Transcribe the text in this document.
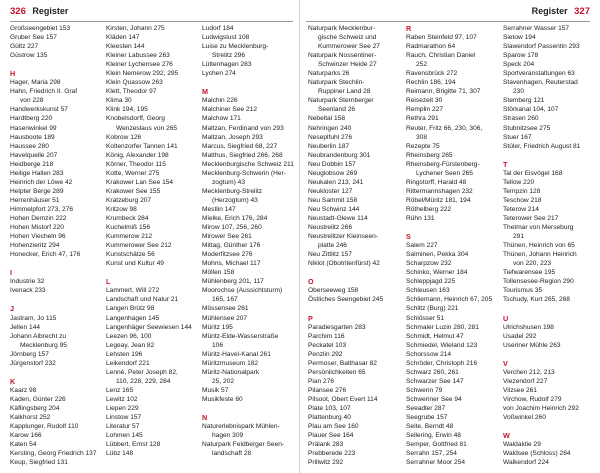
326 Register
Großseengebiet 153
Gruber See 157
Gültz 227
Güstrow 135
H
Hager, Maria 298
Hahn, Friedrich II. Graf
von 228
Handwerkskunst 57
Hardtberg 220
Hasenwinkel 99
Hausboote 189
Haussee 280
Havelquelle 207
Heidberge 218
Heilige Hallen 283
Heinrich der Löwe 42
Helpter Berge 289
Herrenhäuser 51
Himmelpfort 273, 276
Hohen Demzin 222
Hohen Mistorf 220
Hohen Viecheln 96
Hohenzieritz 294
Honecker, Erich 47, 176
I
Industrie 32
Ivenack 233
J
Jastram, Jo 115
Jellen 144
Johann Albrecht zu
Mecklenburg 95
Jörnberg 157
Jürgenstorf 232
K
Kaarz 98
Kaden, Günter 226
Käflingsberg 204
Kalkhorst 252
Kapplunger, Rudolf 110
Karow 166
Katen 54
Kersting, Georg Friedrich 137
Keup, Siegfried 131
Kirsten, Johann 275
Kläden 147
Kleesten 144
Kleiner Labussee 263
Kleiner Lychensee 276
Klein Nemerow 292, 295
Klein Quassow 263
Klett, Theodor 97
Klima 30
Klink 194, 195
Knobelsdorff, Georg
Wenzeslaus von 265
Kobrow 126
Koltenzorfer Tannen 141
König, Alexander 198
Körner, Theodor 115
Kotte, Werner 275
Krakower Lan See 154
Krakower See 155
Kratzeburg 207
Kritzow 98
Krumbeck 284
Kuchelmiß 156
Kummerow 212
Kummerower See 212
Kunstschätze 56
Kunst und Kultur 49
L
Lammert, Will 272
Landschaft und Natur 21
Langen Brütz 98
Langenhagen 145
Langenhäger Seewiesen 144
Leezen 96, 100
Legeay, Jean 82
Lehsten 196
Leikendorf 221
Lenné, Peter Joseph 82,
110, 228, 229, 284
Lenz 165
Lewitz 102
Liepen 229
Linstow 157
Literatur 57
Lohmen 145
Lübbert, Ernst 128
Lübz 148
Ludorf 184
Ludwigslust 108
Luise zu Mecklenburg-
Strelitz 296
Lüttenhagen 283
Lychen 274
M
Malchin 226
Malchiner See 212
Malchow 171
Maltzan, Ferdinand von 293
Maltzan, Joseph 293
Marcus, Siegfried 68, 227
Matthus, Siegfried 266, 268
Mecklenburgische Schweiz 211
Mecklenburg-Schwerin (Her-
zogtum) 43
Mecklenburg-Strelitz
(Herzogtum) 43
Mestlin 147
Mielke, Erich 176, 284
Mirow 107, 256, 260
Mirower See 261
Mittag, Günther 176
Moderfitzsee 276
Mohns, Michael 117
Möllen 158
Mühlenberg 201, 117
Moorochse (Aussichtsturm)
165, 167
Mössensee 261
Mühlensee 207
Müritz 195
Müritz-Elde-Wasserstraße
106
Müritz-Havel-Kanal 261
Müritzmuseum 182
Müritz-Nationalpark
25, 202
Musik 57
Musikfeste 60
N
Naturerlebnispark Mühlen-
hagen 309
Naturpark Feldberger Seen-
landschaft 28
Register 327
Naturpark Mecklenbur-
gische Schweiz und
Kummerower See 27
Naturpark Nossentiner-
Schwinzer Heide 27
Naturparks 26
Naturpark Stechlin-
Ruppiner Land 28
Naturpark Sternberger
Seenland 26
Nebeltal 158
Nehringen 240
Neseplfuhl 276
Neuberlin 187
Neubrandenburg 301
Neu Dobbin 157
Neuglobsow 269
Neukalen 213, 241
Neukloster 127
Neu Sammit 158
Neu Schwinz 144
Neustadt-Glewe 114
Neustrelitz 266
Neustrelitzer Kleinseen-
platte 246
Neu Zittlitz 157
Niklot (Obotritenfürst) 42
O
Oberseeweg 158
Östliches Seengebiet 245
P
Paradiesgarten 283
Parchim 116
Peckatel 103
Penzlin 292
Permoser, Balthasar 82
Persönlichkeiten 65
Pian 276
Pilansee 276
Pilsoot, Obert Evert 114
Plate 103, 107
Plattenburg 40
Plau am See 160
Plauer See 164
Prälank 283
Prebberede 223
Prillwitz 292
R
Raben Steinfeld 97, 107
Radmarathon 64
Rauch, Christian Daniel
252
Ravensbrück 272
Rechlin 186, 194
Reimann, Brigitte 71, 307
Reisezeit 30
Remplin 227
Rethra 291
Reuter, Fritz 66, 230, 306,
308
Rezepte 75
Rheinsberg 265
Rheinsberg-Fürstenberg-
Lychener Seen 265
Ringstorff, Harald 48
Rittermannshagen 232
Röbel/Müritz 181, 194
Röthelberg 222
Rühn 131
S
Salem 227
Salminen, Pekka 304
Scharpzow 232
Schinko, Werner 184
Schleppjagd 225
Schleusen 163
Schliemann, Heinrich 67, 205
Schlitz (Burg) 221
Schlösser 51
Schmaler Luzin 280, 281
Schmidt, Helmut 47
Schmiedel, Wieland 123
Schorssow 214
Schröder, Christoph 216
Schwarz 260, 261
Schwarzer See 147
Schwerin 79
Schweriner See 94
Seeadler 287
Seegrube 157
Seite, Berndt 48
Sellering, Erwin 48
Semper, Gottfried 81
Serrahn 157, 254
Serrahner Moor 254
Serrahner Wasser 157
Sietow 194
Slawendorf Passentin 293
Sparow 178
Speck 204
Sportveranstaltungen 63
Stavenhagen, Reuterstad
230
Stemberg 121
Störkanal 104, 107
Strasen 260
Stubnitzsee 275
Stuer 167
Stüler, Friedrich August 81
T
Tal der Eisvögel 168
Tellow 220
Tempzin 128
Teschow 218
Teterow 214
Teterower See 217
Thetmar von Merseburg
291
Thünen, Heinrich von 65
Thünen, Johann Heinrich
von 220, 223
Tiefwarensee 195
Tollensesee-Region 290
Tourismus 35
Tschudy, Kurt 265, 268
U
Ulrichshusen 198
Usadel 292
Useriner Mühle 263
V
Verchen 212, 213
Viezendorf 227
Vilzsee 261
Virchow, Rudolf 279
von Joachim Heinrich 292
Voßwinkel 260
W
Waldaktie 29
Waldsee (Schloss) 284
Walkendorf 224
